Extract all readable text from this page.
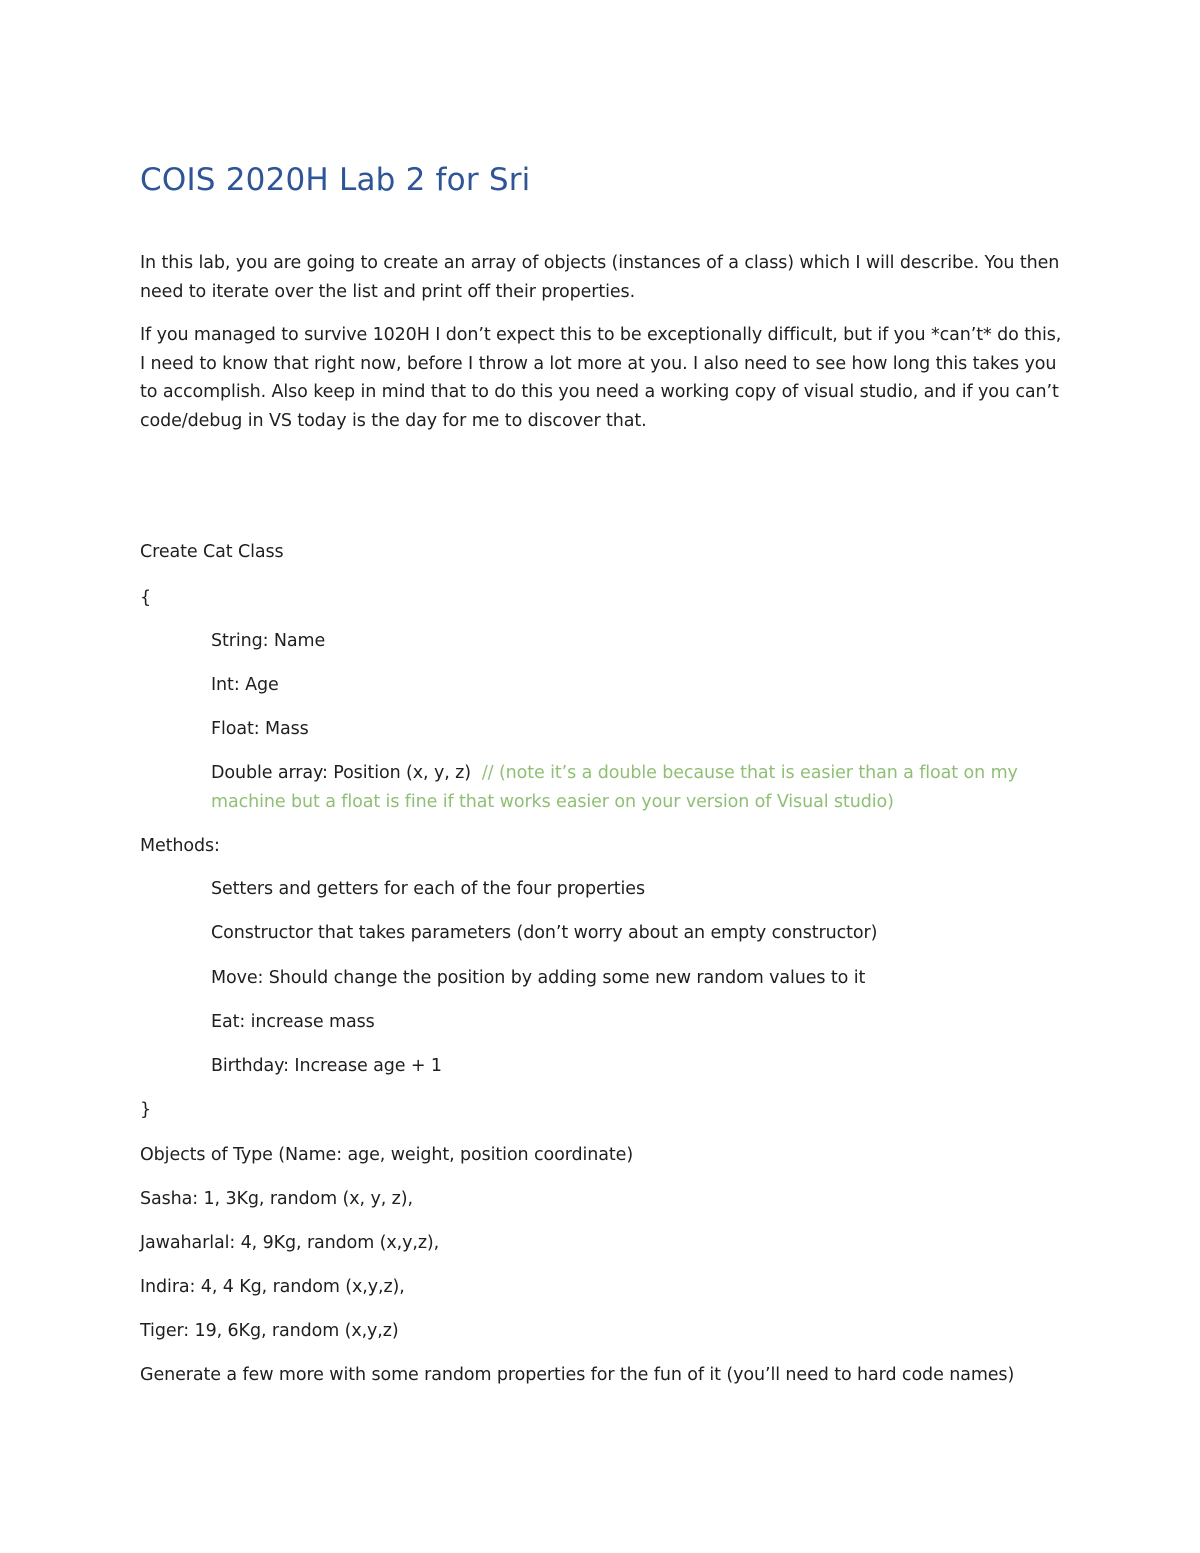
COIS 2020H Lab 2 for Sri
In this lab, you are going to create an array of objects (instances of a class) which I will describe. You then need to iterate over the list and print off their properties.
If you managed to survive 1020H I don’t expect this to be exceptionally difficult, but if you *can’t* do this, I need to know that right now, before I throw a lot more at you. I also need to see how long this takes you to accomplish. Also keep in mind that to do this you need a working copy of visual studio, and if you can’t code/debug in VS today is the day for me to discover that.
Create Cat Class
{
String: Name
Int: Age
Float: Mass
Double array: Position (x, y, z) // (note it’s a double because that is easier than a float on my machine but a float is fine if that works easier on your version of Visual studio)
Methods:
Setters and getters for each of the four properties
Constructor that takes parameters (don’t worry about an empty constructor)
Move: Should change the position by adding some new random values to it
Eat: increase mass
Birthday: Increase age + 1
}
Objects of Type (Name: age, weight, position coordinate)
Sasha: 1, 3Kg, random (x, y, z),
Jawaharlal: 4, 9Kg, random (x,y,z),
Indira: 4, 4 Kg, random (x,y,z),
Tiger: 19, 6Kg, random (x,y,z)
Generate a few more with some random properties for the fun of it (you’ll need to hard code names)
